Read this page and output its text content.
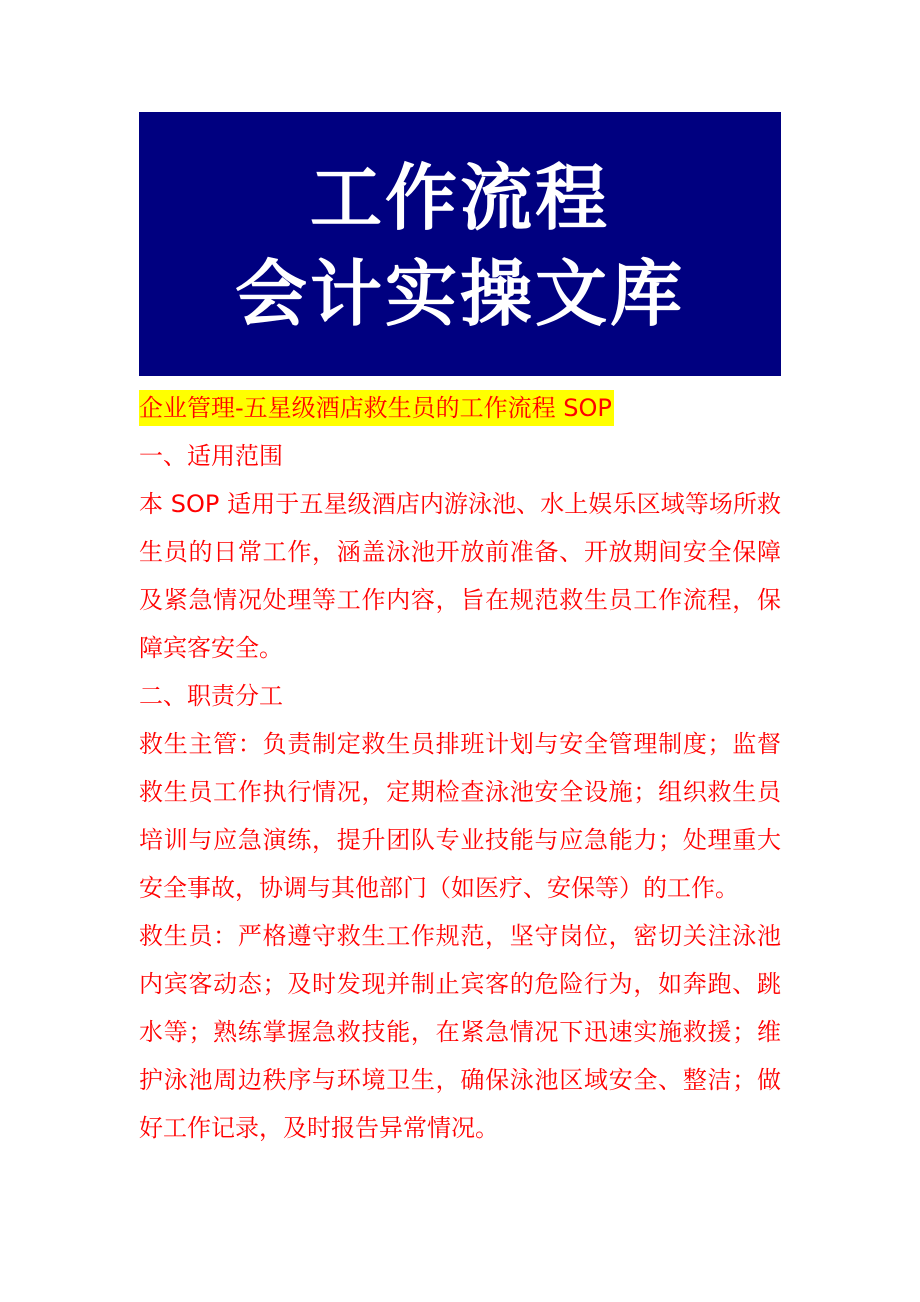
工作流程
会计实操文库
企业管理-五星级酒店救生员的工作流程 SOP

一、适用范围

本 SOP 适用于五星级酒店内游泳池、水上娱乐区域等场所救生员的日常工作，涵盖泳池开放前准备、开放期间安全保障及紧急情况处理等工作内容，旨在规范救生员工作流程，保障宾客安全。

二、职责分工

救生主管：负责制定救生员排班计划与安全管理制度；监督救生员工作执行情况，定期检查泳池安全设施；组织救生员培训与应急演练，提升团队专业技能与应急能力；处理重大安全事故，协调与其他部门（如医疗、安保等）的工作。

救生员：严格遵守救生工作规范，坚守岗位，密切关注泳池内宾客动态；及时发现并制止宾客的危险行为，如奔跑、跳水等；熟练掌握急救技能，在紧急情况下迅速实施救援；维护泳池周边秩序与环境卫生，确保泳池区域安全、整洁；做好工作记录，及时报告异常情况。
